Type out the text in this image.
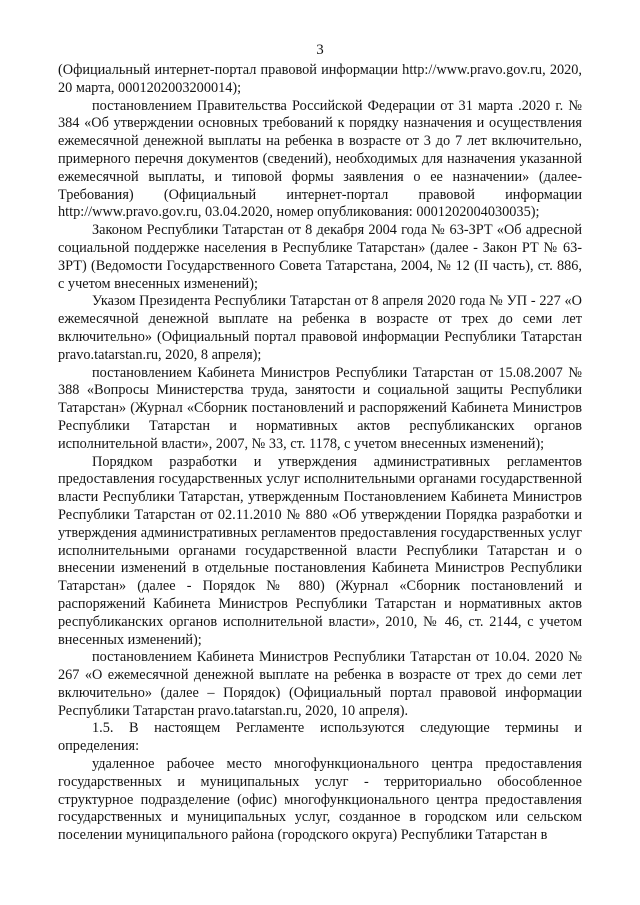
3

(Официальный интернет-портал правовой информации http://www.pravo.gov.ru, 2020, 20 марта, 0001202003200014);

постановлением Правительства Российской Федерации от 31 марта .2020 г. № 384 «Об утверждении основных требований к порядку назначения и осуществления ежемесячной денежной выплаты на ребенка в возрасте от 3 до 7 лет включительно, примерного перечня документов (сведений), необходимых для назначения указанной ежемесячной выплаты, и типовой формы заявления о ее назначении» (далее- Требования) (Официальный интернет-портал правовой информации http://www.pravo.gov.ru, 03.04.2020, номер опубликования: 0001202004030035);

Законом Республики Татарстан от 8 декабря 2004 года № 63-ЗРТ «Об адресной социальной поддержке населения в Республике Татарстан» (далее - Закон РТ № 63-ЗРТ) (Ведомости Государственного Совета Татарстана, 2004, № 12 (II часть), ст. 886, с учетом внесенных изменений);

Указом Президента Республики Татарстан от 8 апреля 2020 года № УП - 227 «О ежемесячной денежной выплате на ребенка в возрасте от трех до семи лет включительно» (Официальный портал правовой информации Республики Татарстан pravo.tatarstan.ru, 2020, 8 апреля);

постановлением Кабинета Министров Республики Татарстан от 15.08.2007 № 388 «Вопросы Министерства труда, занятости и социальной защиты Республики Татарстан» (Журнал «Сборник постановлений и распоряжений Кабинета Министров Республики Татарстан и нормативных актов республиканских органов исполнительной власти», 2007, № 33, ст. 1178, с учетом внесенных изменений);

Порядком разработки и утверждения административных регламентов предоставления государственных услуг исполнительными органами государственной власти Республики Татарстан, утвержденным Постановлением Кабинета Министров Республики Татарстан от 02.11.2010 № 880 «Об утверждении Порядка разработки и утверждения административных регламентов предоставления государственных услуг исполнительными органами государственной власти Республики Татарстан и о внесении изменений в отдельные постановления Кабинета Министров Республики Татарстан» (далее - Порядок № 880) (Журнал «Сборник постановлений и распоряжений Кабинета Министров Республики Татарстан и нормативных актов республиканских органов исполнительной власти», 2010, № 46, ст. 2144, с учетом внесенных изменений);

постановлением Кабинета Министров Республики Татарстан от 10.04. 2020 № 267 «О ежемесячной денежной выплате на ребенка в возрасте от трех до семи лет включительно» (далее – Порядок) (Официальный портал правовой информации Республики Татарстан pravo.tatarstan.ru, 2020, 10 апреля).

1.5. В настоящем Регламенте используются следующие термины и определения:

удаленное рабочее место многофункционального центра предоставления государственных и муниципальных услуг - территориально обособленное структурное подразделение (офис) многофункционального центра предоставления государственных и муниципальных услуг, созданное в городском или сельском поселении муниципального района (городского округа) Республики Татарстан в
